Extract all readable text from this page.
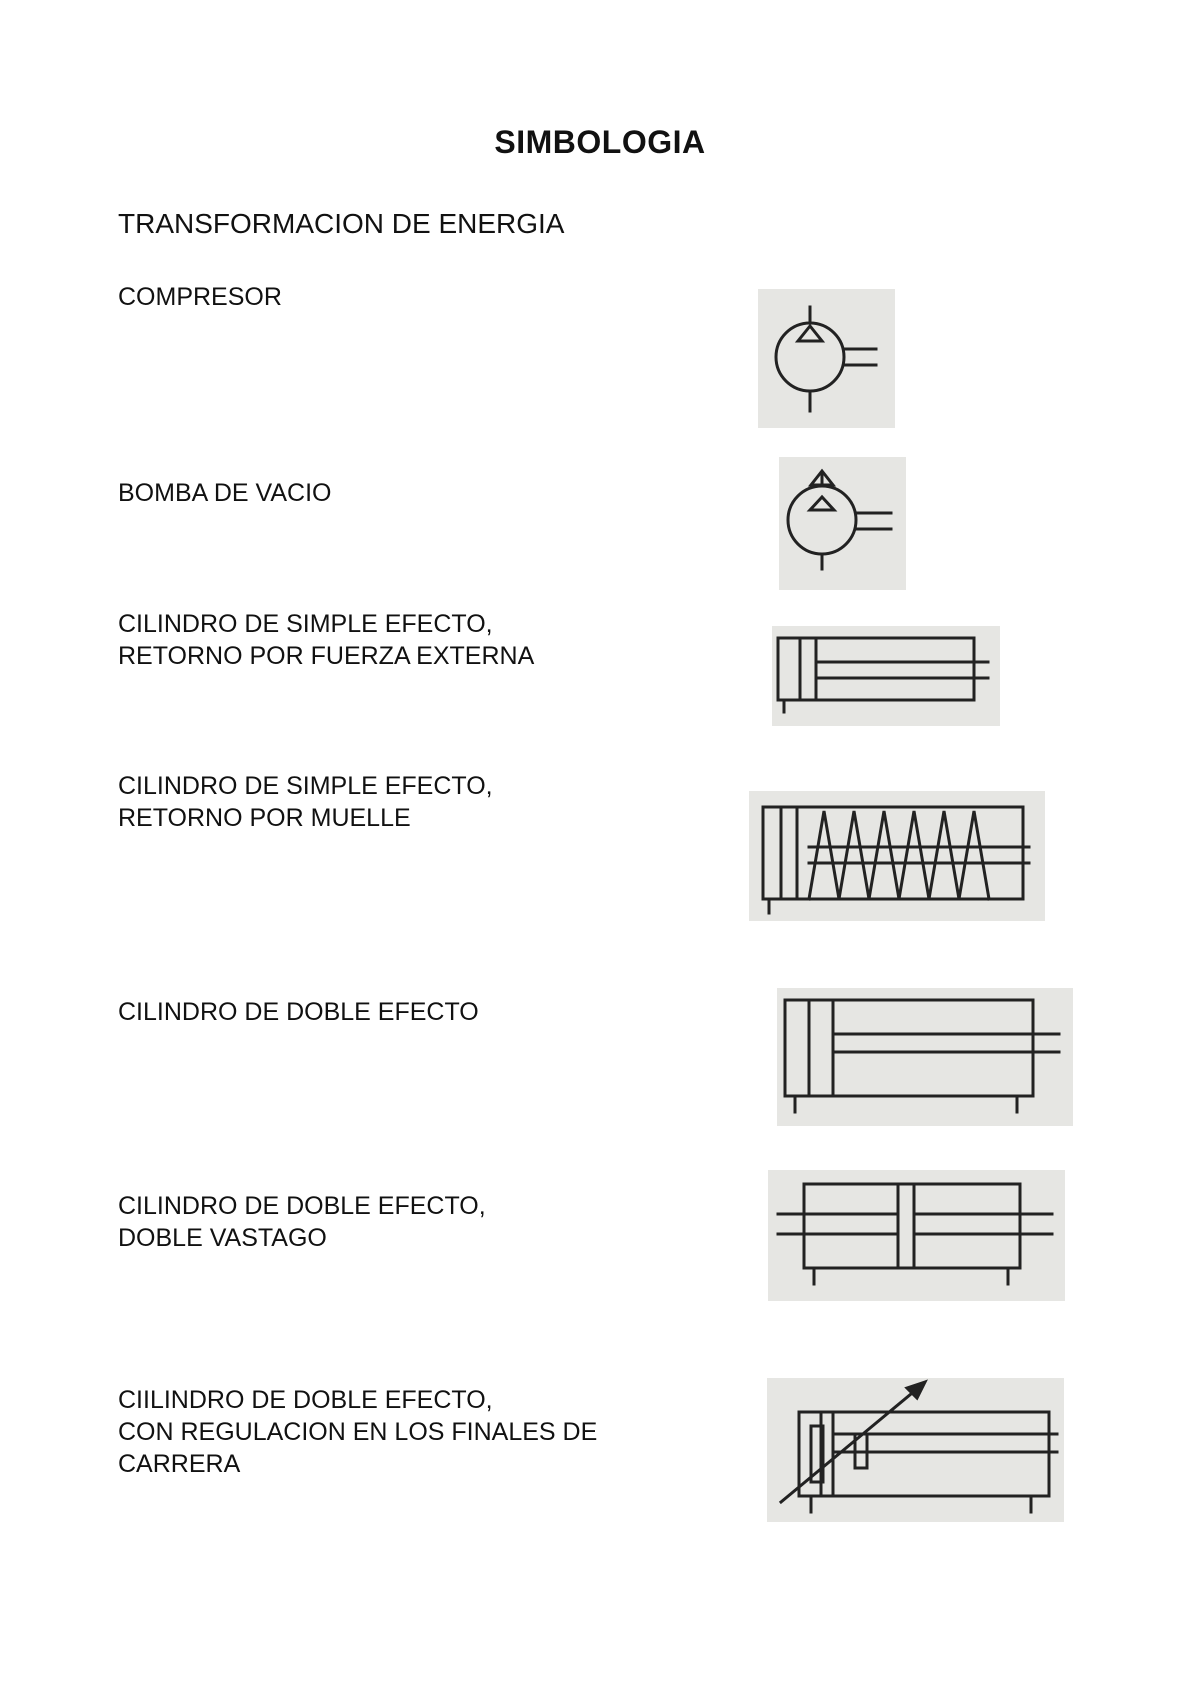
SIMBOLOGIA
TRANSFORMACION DE ENERGIA
COMPRESOR
BOMBA DE VACIO
CILINDRO DE SIMPLE EFECTO,
RETORNO POR FUERZA EXTERNA
CILINDRO DE SIMPLE EFECTO,
RETORNO POR MUELLE
CILINDRO DE DOBLE EFECTO
CILINDRO DE DOBLE EFECTO,
DOBLE VASTAGO
CIILINDRO DE DOBLE EFECTO,
CON REGULACION EN LOS FINALES DE
CARRERA
